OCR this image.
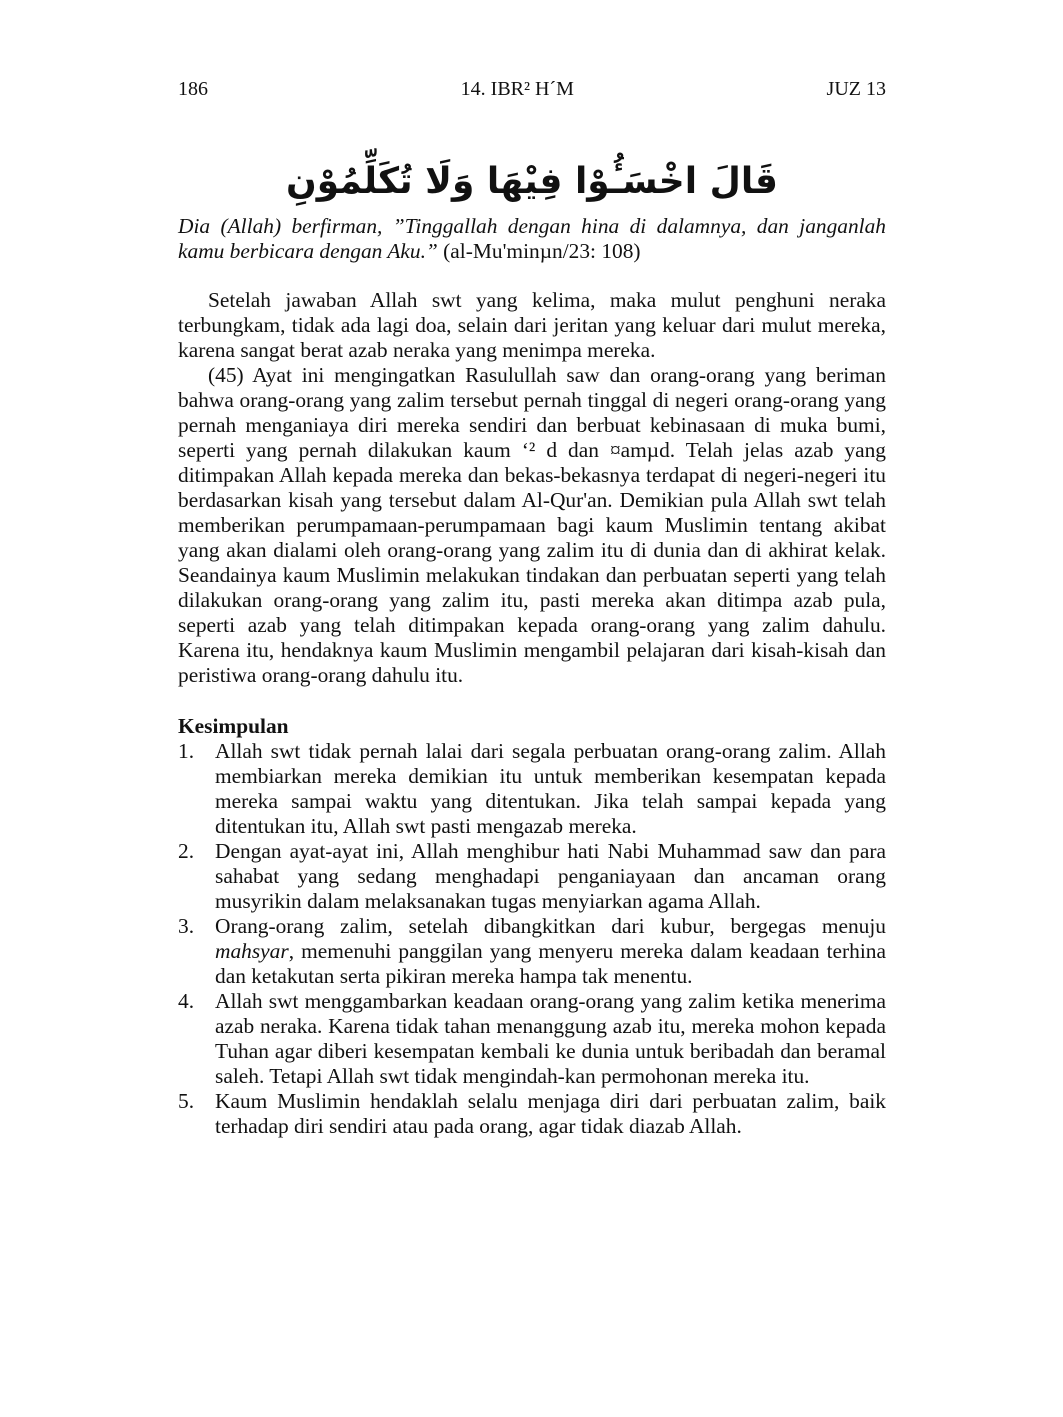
186	14. IBR² H´M	JUZ 13
قَالَ اخْسَـُٔوْا فِيْهَا وَلَا تُكَلِّمُوْنِ
Dia (Allah) berfirman, ”Tinggallah dengan hina di dalamnya, dan janganlah kamu berbicara dengan Aku.” (al-Mu'minµn/23: 108)

Setelah jawaban Allah swt yang kelima, maka mulut penghuni neraka terbungkam, tidak ada lagi doa, selain dari jeritan yang keluar dari mulut mereka, karena sangat berat azab neraka yang menimpa mereka.

(45) Ayat ini mengingatkan Rasulullah saw dan orang-orang yang beriman bahwa orang-orang yang zalim tersebut pernah tinggal di negeri orang-orang yang pernah menganiaya diri mereka sendiri dan berbuat kebinasaan di muka bumi, seperti yang pernah dilakukan kaum ‘² d dan ¤amµd. Telah jelas azab yang ditimpakan Allah kepada mereka dan bekas-bekasnya terdapat di negeri-negeri itu berdasarkan kisah yang tersebut dalam Al-Qur'an. Demikian pula Allah swt telah memberikan perumpamaan-perumpamaan bagi kaum Muslimin tentang akibat yang akan dialami oleh orang-orang yang zalim itu di dunia dan di akhirat kelak. Seandainya kaum Muslimin melakukan tindakan dan perbuatan seperti yang telah dilakukan orang-orang yang zalim itu, pasti mereka akan ditimpa azab pula, seperti azab yang telah ditimpakan kepada orang-orang yang zalim dahulu. Karena itu, hendaknya kaum Muslimin mengambil pelajaran dari kisah-kisah dan peristiwa orang-orang dahulu itu.

Kesimpulan
1. Allah swt tidak pernah lalai dari segala perbuatan orang-orang zalim. Allah membiarkan mereka demikian itu untuk memberikan kesempatan kepada mereka sampai waktu yang ditentukan. Jika telah sampai kepada yang ditentukan itu, Allah swt pasti mengazab mereka.
2. Dengan ayat-ayat ini, Allah menghibur hati Nabi Muhammad saw dan para sahabat yang sedang menghadapi penganiayaan dan ancaman orang musyrikin dalam melaksanakan tugas menyiarkan agama Allah.
3. Orang-orang zalim, setelah dibangkitkan dari kubur, bergegas menuju mahsyar, memenuhi panggilan yang menyeru mereka dalam keadaan terhina dan ketakutan serta pikiran mereka hampa tak menentu.
4. Allah swt menggambarkan keadaan orang-orang yang zalim ketika menerima azab neraka. Karena tidak tahan menanggung azab itu, mereka mohon kepada Tuhan agar diberi kesempatan kembali ke dunia untuk beribadah dan beramal saleh. Tetapi Allah swt tidak mengindah-kan permohonan mereka itu.
5. Kaum Muslimin hendaklah selalu menjaga diri dari perbuatan zalim, baik terhadap diri sendiri atau pada orang, agar tidak diazab Allah.
